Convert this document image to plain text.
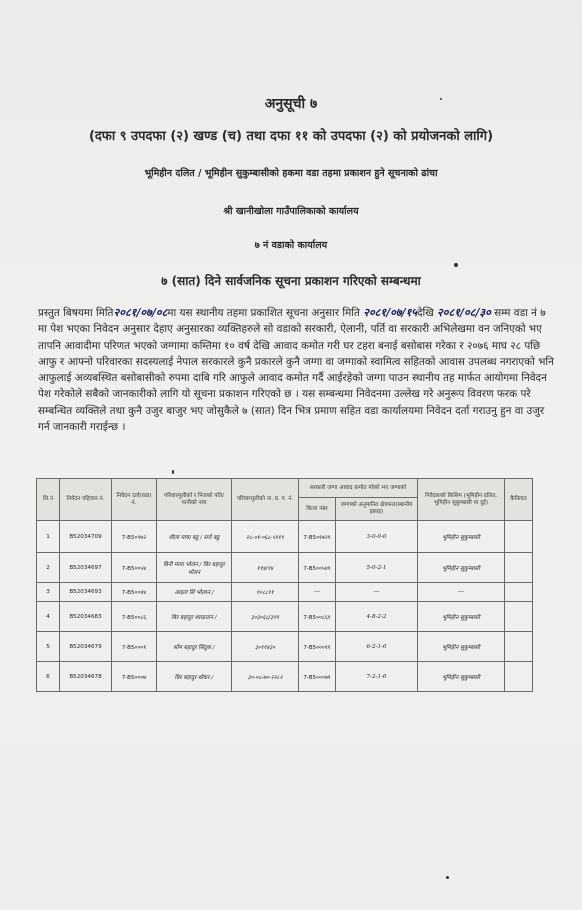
अनुसूची ७
(दफा ९ उपदफा (२) खण्ड (च) तथा दफा ११ को उपदफा (२) को प्रयोजनको लागि)
भूमिहीन दलित / भूमिहीन सुकुम्बासीको हकमा वडा तहमा प्रकाशन हुने सूचनाको ढांचा
श्री खानीखोला गाउँपालिकाको कार्यालय
७ नं वडाको कार्यालय
७ (सात) दिने सार्वजनिक सूचना प्रकाशन गरिएको सम्बन्धमा
प्रस्तुत बिषयमा मिति२०८१/०७/०८मा यस स्थानीय तहमा प्रकाशित सूचना अनुसार मिति २०८१/०७/१५देखि २०८१/०८/३० सम्म वडा नं ७ मा पेश भएका निवेदन अनुसार देहाए अनुसारका व्यक्तिहरुले सो वडाको सरकारी, ऐलानी, पर्ति वा सरकारी अभिलेखमा वन जनिएको भए तापनि आवादीमा परिणत भएको जग्गामा कम्तिमा १० वर्ष देखि आवाद कमोत गरी घर टहरा बनाई बसोबास गरेका र २०७६ माघ २८ पछि आफु र आफ्नो परिवारका सदस्यलाई नेपाल सरकारले कुनै प्रकारले कुनै जग्गा वा जग्गाको स्वामित्व सहितको आवास उपलब्ध नगराएको भनि आफुलाई अव्यबस्थित बसोबासीको रुपमा दाबि गरि आफुले आवाद कमोत गर्दै आईरहेको जग्गा पाउन स्थानीय तह मार्फत आयोगमा निवेदन पेश गरेकोले सबैको जानकारीको लागि यो सूचना प्रकाशन गरिएको छ । यस सम्बन्धमा निवेदनमा उल्लेख गरे अनुरूप विवरण फरक परे सम्बन्धित व्यक्तिले तथा कुनै उजुर बाजुर भए जोसुकैले ७ (सात) दिन भित्र प्रमाण सहित वडा कार्यालयमा निवेदन दर्ता गराउनु हुन वा उजुर गर्न जानकारी गराईन्छ ।
सि.नं	निवेदन पहिचान नं.	निवेदन दर्ता(वडा) नं.	परिवारमूलीको र निजको पति/पत्नीको नाम	परिवारमूलीको ना. प्र. प. नं.	सरकारी जग्गा आवाद कमोत गरेको भए जग्गाको		निवेदकको किसिम (भूमिहीन दलित, भूमिहीन सुकुम्बासी मा दुई)	कैफियत
					कित्ता नंबर	जग्गाको अनुमानित क्षेत्रफल(स्थानीय इकाइ)		
1	B52034709	7-B5०१७२	शीला माया बडु / सत्ते बडु	२८-०१-०६८-५११९	7-B5०१७२१	3-0-0-0	भूमिहीन सुकुम्बासी	
2	B52034697	7-B5००५४	बिनी माया भोलन / बिर बहादुर भोलन	११४/१४	7-B5००५४१	5-0-2-1	भूमिहीन सुकुम्बासी	
3	B52034693	7-B5००४४	आइता सिं भोलान /	१०८८११	---	---	---	
4	B52034683	7-B5००८६	बिर बहादुर श्याङतान /	३०३०६८/३११	7-B5००८६१	4-8-2-2	भूमिहीन सुकुम्बासी	
5	B52034679	7-B5०००१	सोम बहादुर सिंदुक /	३०११४३०	7-B5०००११	6-2-1-0	भूमिहीन सुकुम्बासी	
6	B52034678	7-B5०००७	बिर बहादुर थोकर /	३०-०८-७०-२२८२	7-B5०००७१	7-2-1-0	भूमिहीन सुकुम्बासी	
